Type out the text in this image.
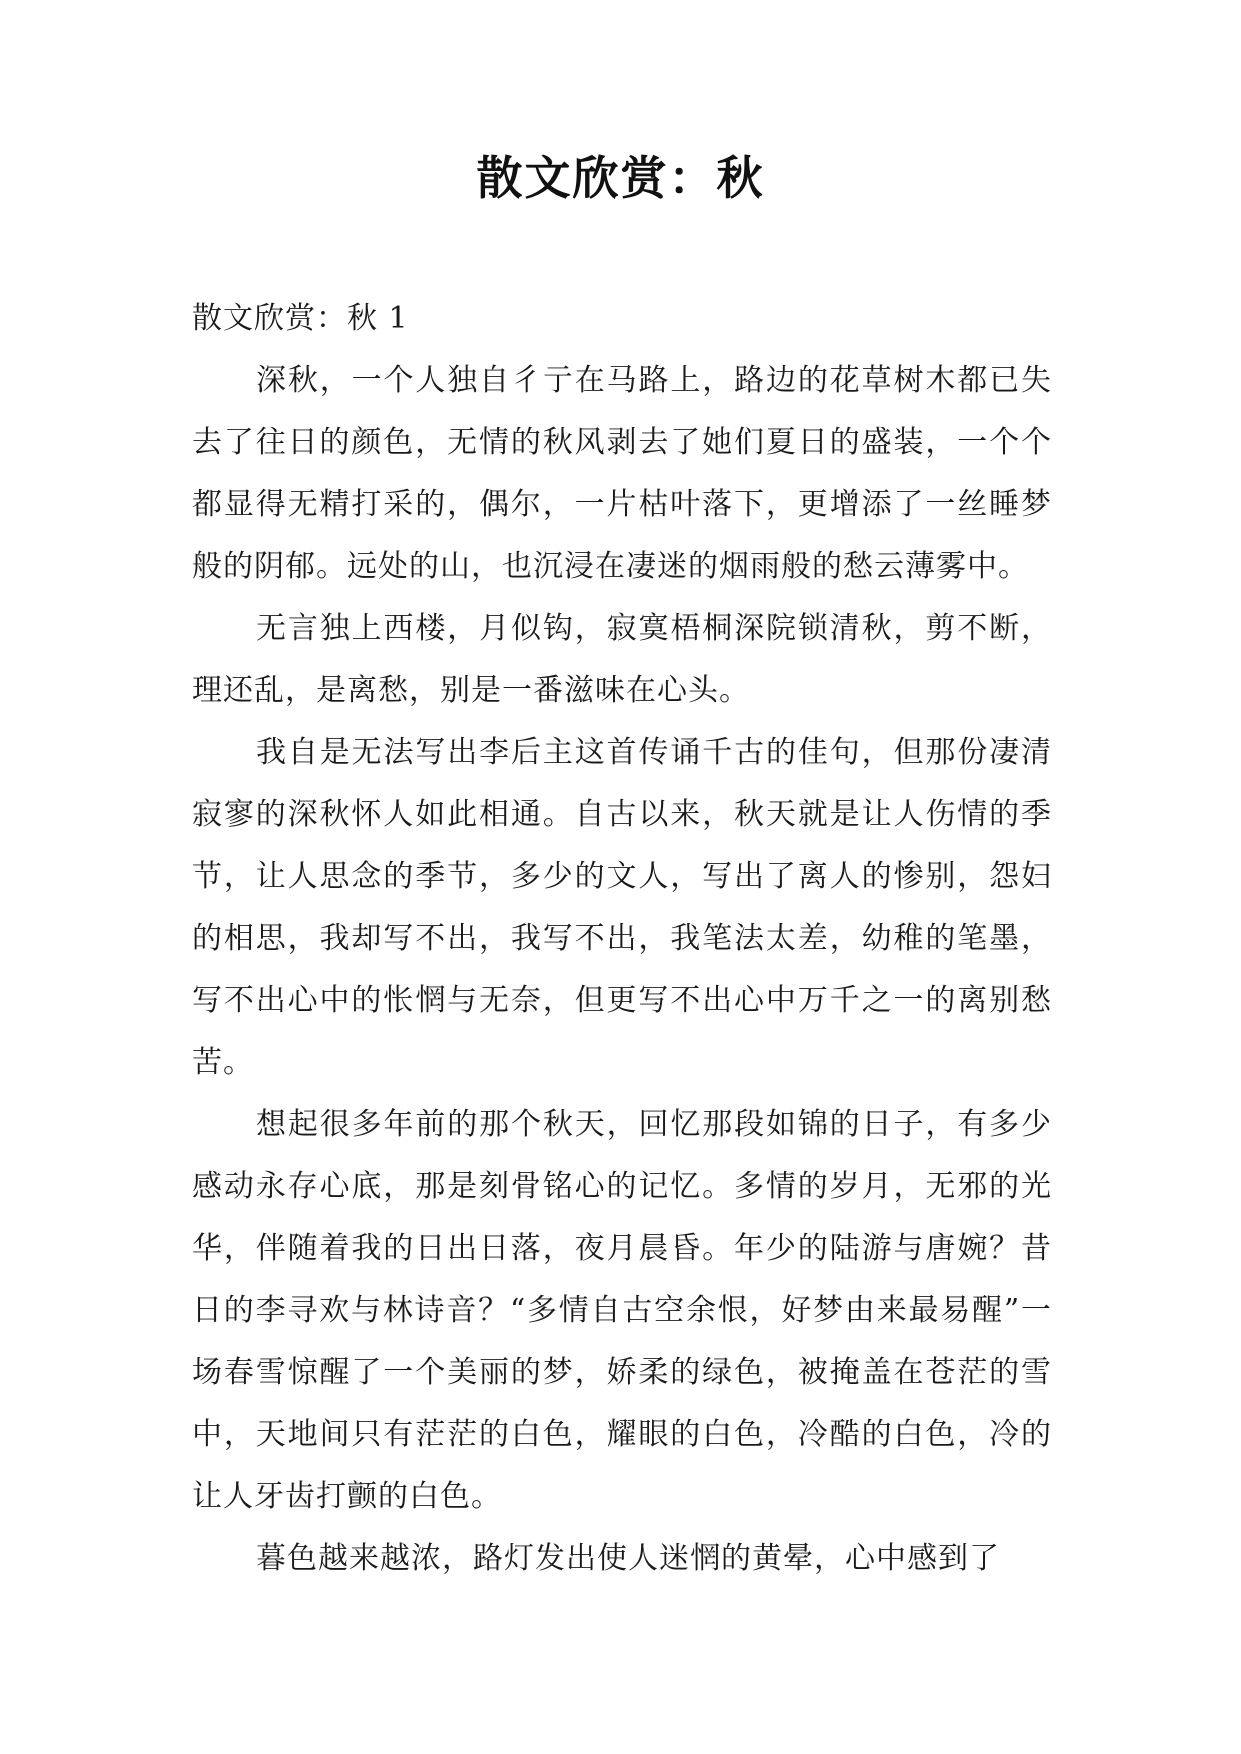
散文欣赏：秋

散文欣赏：秋 1

深秋，一个人独自彳亍在马路上，路边的花草树木都已失去了往日的颜色，无情的秋风剥去了她们夏日的盛装，一个个都显得无精打采的，偶尔，一片枯叶落下，更增添了一丝睡梦般的阴郁。远处的山，也沉浸在凄迷的烟雨般的愁云薄雾中。

无言独上西楼，月似钩，寂寞梧桐深院锁清秋，剪不断，理还乱，是离愁，别是一番滋味在心头。

我自是无法写出李后主这首传诵千古的佳句，但那份凄清寂寥的深秋怀人如此相通。自古以来，秋天就是让人伤情的季节，让人思念的季节，多少的文人，写出了离人的惨别，怨妇的相思，我却写不出，我写不出，我笔法太差，幼稚的笔墨，写不出心中的怅惘与无奈，但更写不出心中万千之一的离别愁苦。

想起很多年前的那个秋天，回忆那段如锦的日子，有多少感动永存心底，那是刻骨铭心的记忆。多情的岁月，无邪的光华，伴随着我的日出日落，夜月晨昏。年少的陆游与唐婉？昔日的李寻欢与林诗音？“多情自古空余恨，好梦由来最易醒”一场春雪惊醒了一个美丽的梦，娇柔的绿色，被掩盖在苍茫的雪中，天地间只有茫茫的白色，耀眼的白色，冷酷的白色，冷的让人牙齿打颤的白色。

暮色越来越浓，路灯发出使人迷惘的黄晕，心中感到了
